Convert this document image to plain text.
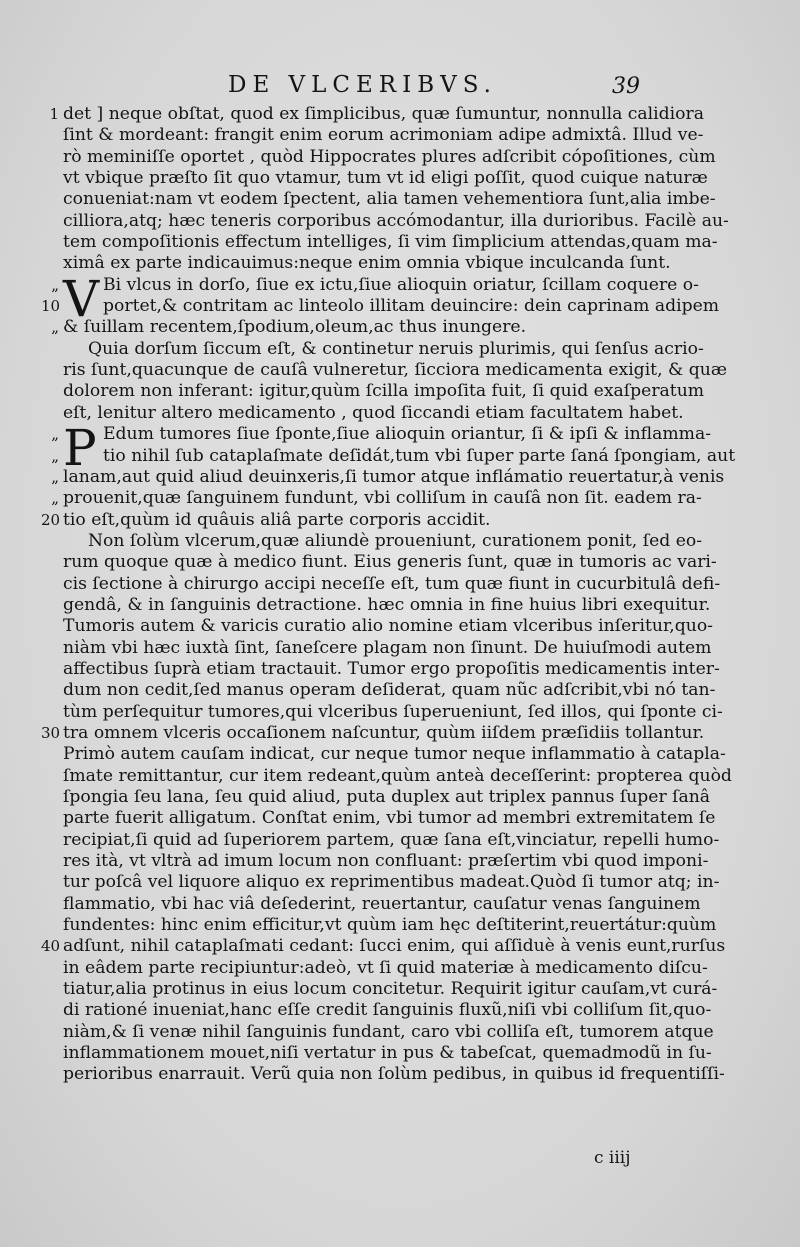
DE VLCERIBVS.	39
1 det ] neque obſtat, quod ex ſimplicibus, quæ ſumuntur, nonnulla calidiora
ſint & mordeant: frangit enim eorum acrimoniam adipe admixtâ. Illud ve-
rò meminiſſe oportet , quòd Hippocrates plures adſcribit cópoſitiones, cùm
vt vbique præſto ſit quo vtamur, tum vt id eligi poſſit, quod cuique naturæ
conueniat:nam vt eodem ſpectent, alia tamen vehementiora ſunt,alia imbe-
cilliora,atq; hæc teneris corporibus accómodantur, illa durioribus. Facilè au-
tem compoſitionis effectum intelliges, ſi vim ſimplicium attendas,quam ma-
ximâ ex parte indicauimus:neque enim omnia vbique inculcanda ſunt.
„ V Bi vlcus in dorſo, ſiue ex ictu,ſiue alioquin oriatur, ſcillam coquere o-
10 portet,& contritam ac linteolo illitam deuincire: dein caprinam adipem
„ & ſuillam recentem,ſpodium,oleum,ac thus inungere.
Quia dorſum ſiccum eſt, & continetur neruis plurimis, qui ſenſus acrio-
ris ſunt,quacunque de cauſâ vulneretur, ſicciora medicamenta exigit, & quæ
dolorem non inferant: igitur,quùm ſcilla impoſita fuit, ſi quid exaſperatum
eſt, lenitur altero medicamento , quod ſiccandi etiam facultatem habet.
„ P Edum tumores ſiue ſponte,ſiue alioquin oriantur, ſi & ipſi & inflamma-
„	tio nihil ſub cataplaſmate deſidát,tum vbi ſuper parte ſaná ſpongiam, aut
„ lanam,aut quid aliud deuinxeris,ſi tumor atque inflámatio reuertatur,à venis
„ prouenit,quæ ſanguinem fundunt, vbi colliſum in cauſâ non ſit. eadem ra-
20 tio eſt,quùm id quâuis aliâ parte corporis accidit.
Non ſolùm vlcerum,quæ aliundè proueniunt, curationem ponit, ſed eo-
rum quoque quæ à medico fiunt. Eius generis ſunt, quæ in tumoris ac vari-
cis ſectione à chirurgo accipi neceſſe eſt, tum quæ fiunt in cucurbitulâ defi-
gendâ, & in ſanguinis detractione. hæc omnia in fine huius libri exequitur.
Tumoris autem & varicis curatio alio nomine etiam vlceribus inſeritur,quo-
niàm vbi hæc iuxtà ſint, ſaneſcere plagam non ſinunt. De huiuſmodi autem
affectibus ſuprà etiam tractauit. Tumor ergo propoſitis medicamentis inter-
dum non cedit,ſed manus operam deſiderat, quam nũc adſcribit,vbi nó tan-
tùm perſequitur tumores,qui vlceribus ſuperueniunt, ſed illos, qui ſponte ci-
30 tra omnem vlceris occaſionem naſcuntur, quùm iiſdem præſidiis tollantur.
Primò autem cauſam indicat, cur neque tumor neque inflammatio à catapla-
ſmate remittantur, cur item redeant,quùm anteà deceſſerint: propterea quòd
ſpongia ſeu lana, ſeu quid aliud, puta duplex aut triplex pannus ſuper ſanâ
parte fuerit alligatum. Conſtat enim, vbi tumor ad membri extremitatem ſe
recipiat,ſi quid ad ſuperiorem partem, quæ ſana eſt,vinciatur, repelli humo-
res ità, vt vltrà ad imum locum non confluant: præſertim vbi quod imponi-
tur poſcâ vel liquore aliquo ex reprimentibus madeat.Quòd ſi tumor atq; in-
flammatio, vbi hac viâ deſederint, reuertantur, cauſatur venas ſanguinem
fundentes: hinc enim efficitur,vt quùm iam hęc deſtiterint,reuertátur:quùm
40 adſunt, nihil cataplaſmati cedant: ſucci enim, qui aſſiduè à venis eunt,rurſus
in eâdem parte recipiuntur:adeò, vt ſi quid materiæ à medicamento diſcu-
tiatur,alia protinus in eius locum concitetur. Requirit igitur cauſam,vt curá-
di rationé inueniat,hanc eſſe credit ſanguinis fluxũ,niſi vbi colliſum ſit,quo-
niàm,& ſi venæ nihil ſanguinis fundant, caro vbi colliſa eſt, tumorem atque
inflammationem mouet,niſi vertatur in pus & tabeſcat, quemadmodũ in ſu-
perioribus enarrauit. Verũ quia non ſolùm pedibus, in quibus id frequentiſſi-
c iiij
